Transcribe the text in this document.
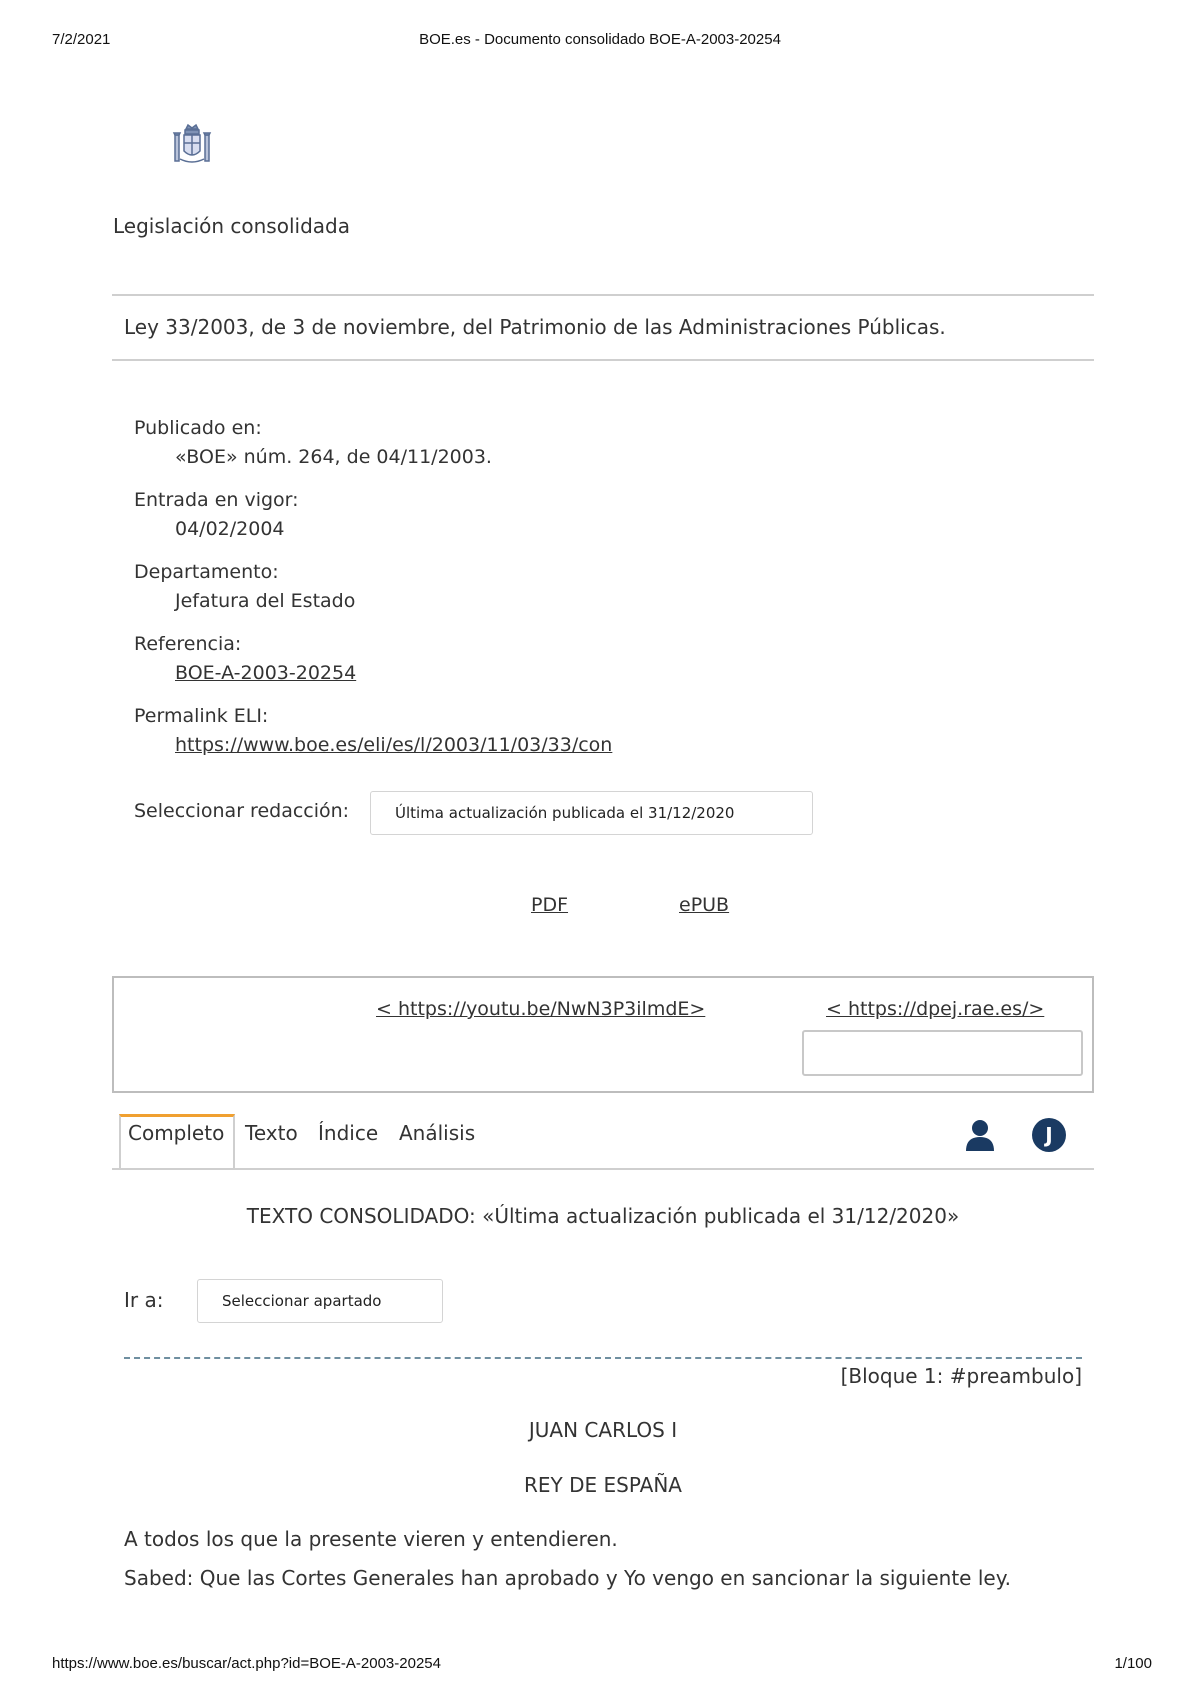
7/2/2021	BOE.es - Documento consolidado BOE-A-2003-20254
Legislación consolidada
Ley 33/2003, de 3 de noviembre, del Patrimonio de las Administraciones Públicas.
Publicado en:
«BOE» núm. 264, de 04/11/2003.
Entrada en vigor:
04/02/2004
Departamento:
Jefatura del Estado
Referencia:
BOE-A-2003-20254
Permalink ELI:
https://www.boe.es/eli/es/l/2003/11/03/33/con
Seleccionar redacción:	Última actualización publicada el 31/12/2020
PDF	ePUB
< https://youtu.be/NwN3P3ilmdE>	< https://dpej.rae.es/>
Completo Texto Índice Análisis	J
TEXTO CONSOLIDADO: «Última actualización publicada el 31/12/2020»
Ir a:	Seleccionar apartado
[Bloque 1: #preambulo]
JUAN CARLOS I
REY DE ESPAÑA
A todos los que la presente vieren y entendieren.
Sabed: Que las Cortes Generales han aprobado y Yo vengo en sancionar la siguiente ley.
https://www.boe.es/buscar/act.php?id=BOE-A-2003-20254	1/100
